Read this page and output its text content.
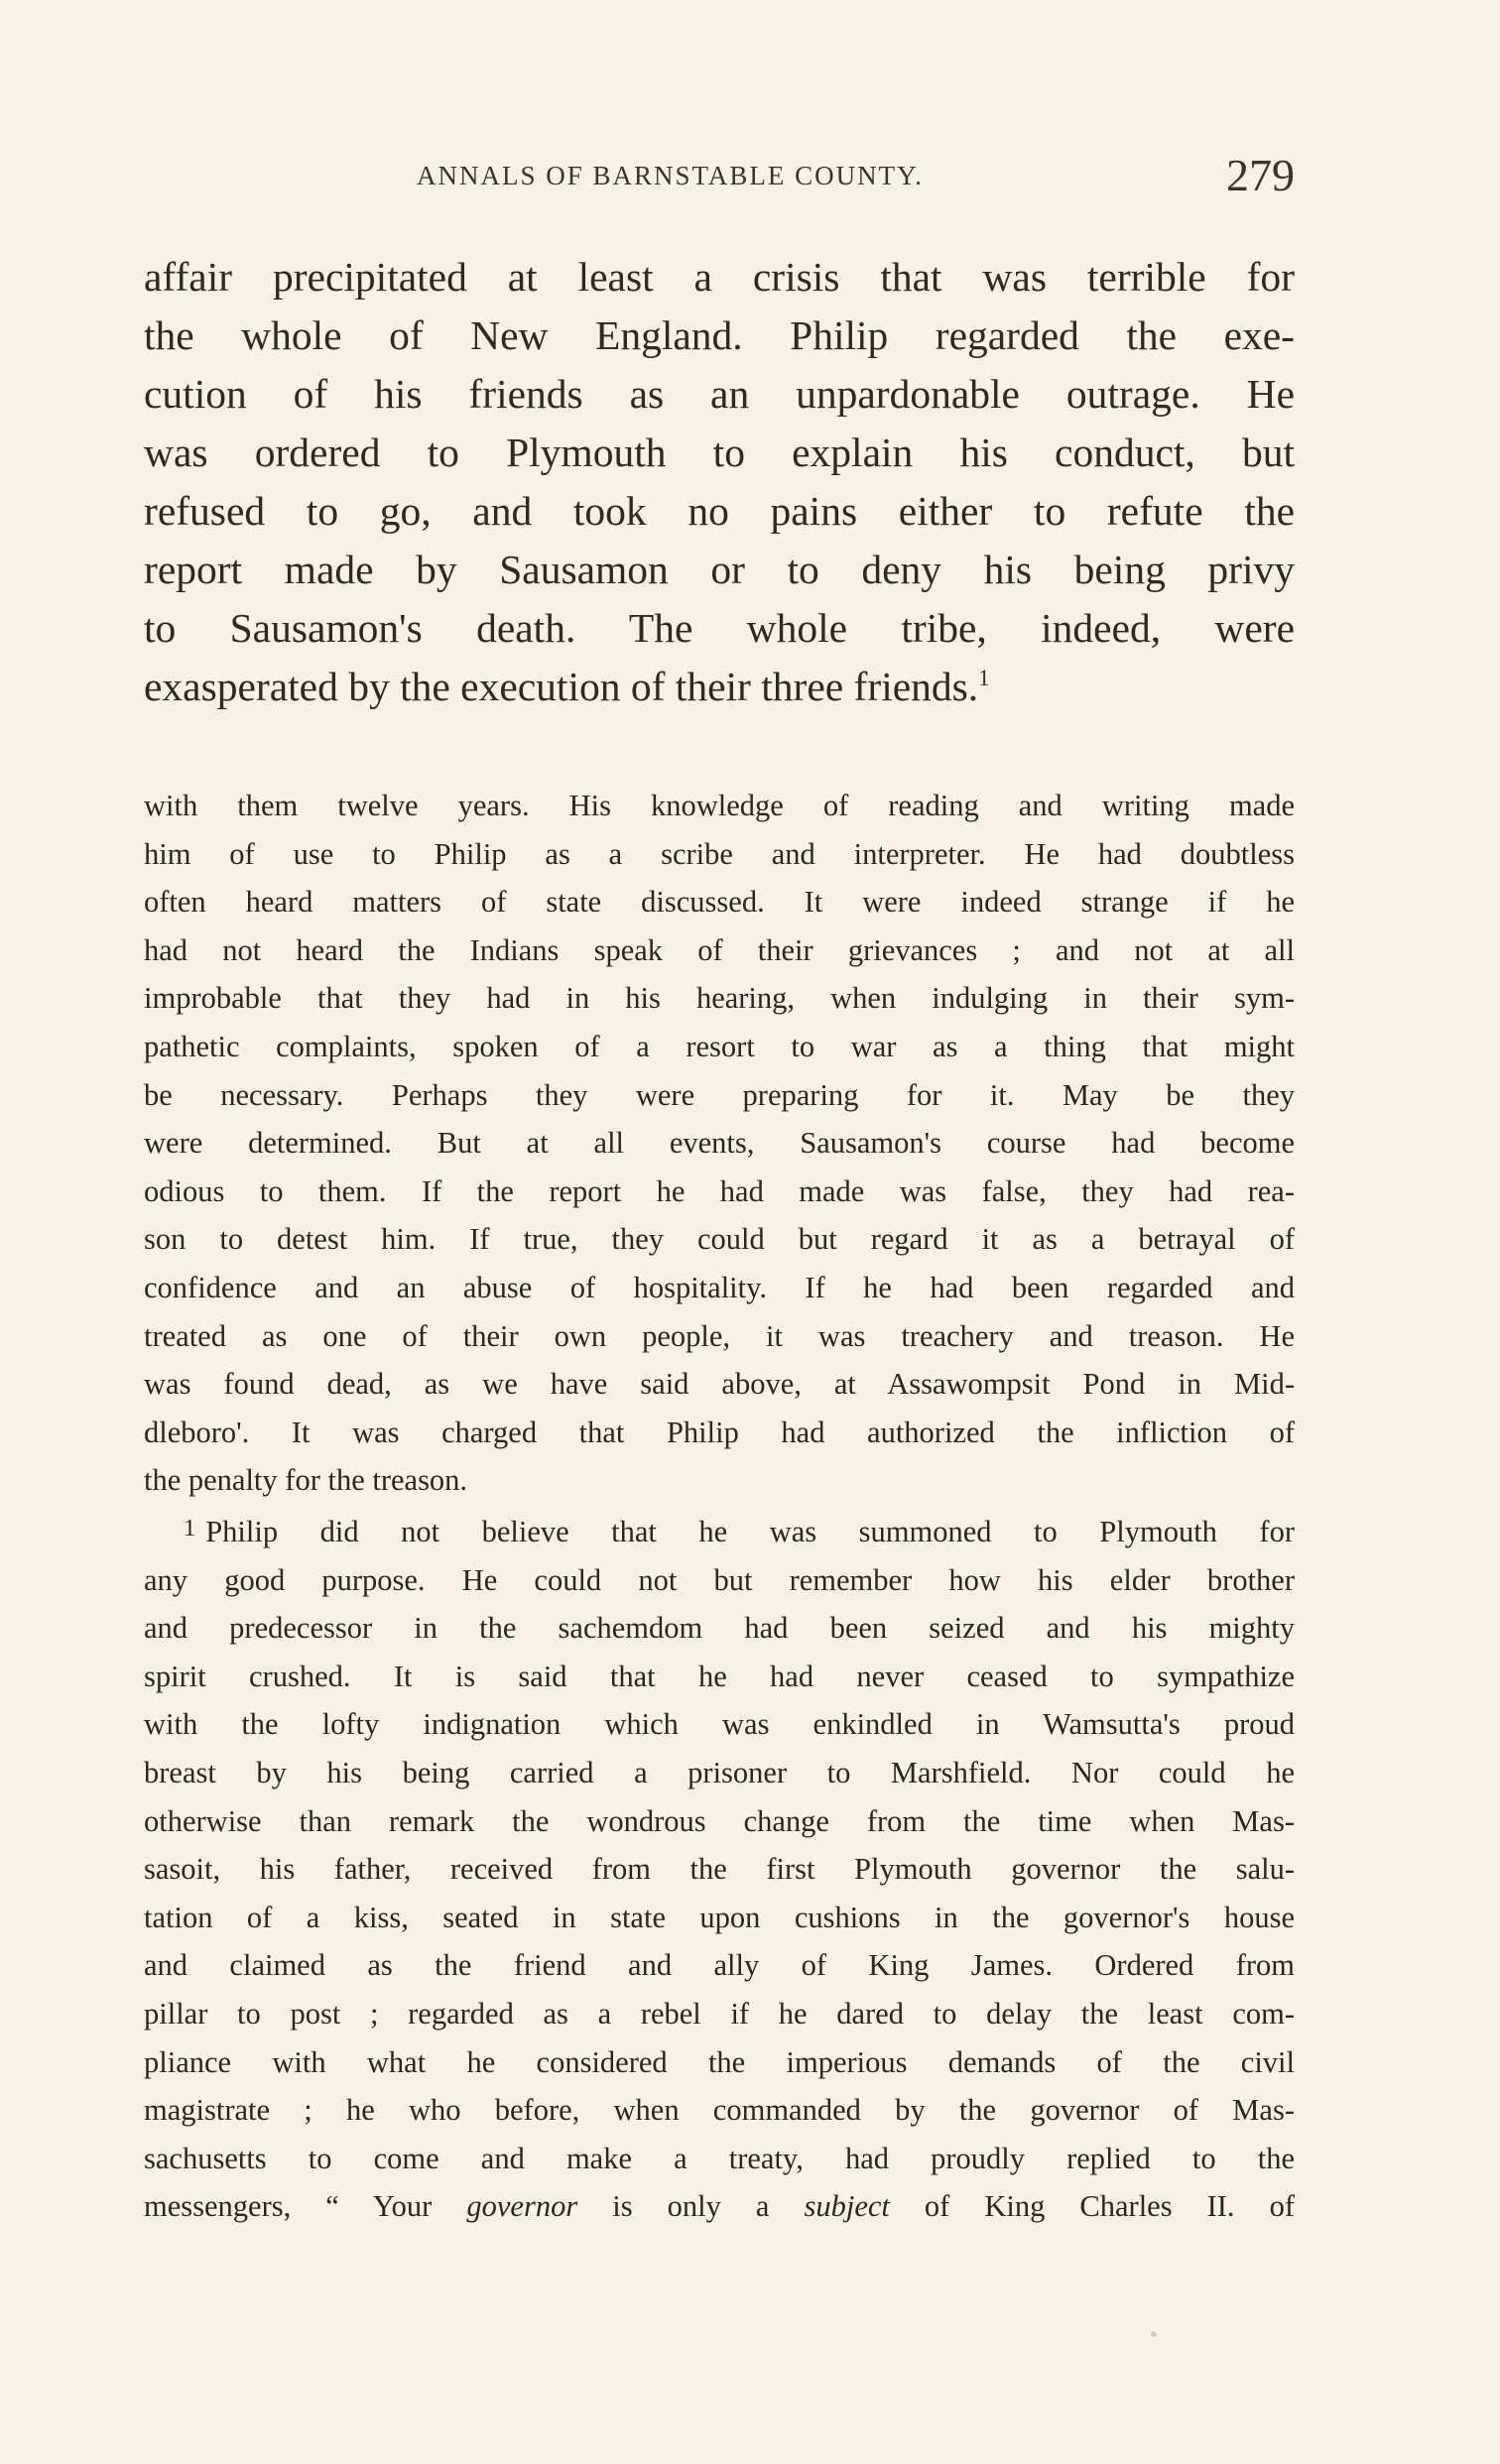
ANNALS OF BARNSTABLE COUNTY.	279
affair precipitated at least a crisis that was terrible for
the whole of New England. Philip regarded the exe-
cution of his friends as an unpardonable outrage. He
was ordered to Plymouth to explain his conduct, but
refused to go, and took no pains either to refute the
report made by Sausamon or to deny his being privy
to Sausamon's death. The whole tribe, indeed, were
exasperated by the execution of their three friends.$^1$
with them twelve years. His knowledge of reading and writing made
him of use to Philip as a scribe and interpreter. He had doubtless
often heard matters of state discussed. It were indeed strange if he
had not heard the Indians speak of their grievances ; and not at all
improbable that they had in his hearing, when indulging in their sym-
pathetic complaints, spoken of a resort to war as a thing that might
be necessary. Perhaps they were preparing for it. May be they
were determined. But at all events, Sausamon's course had become
odious to them. If the report he had made was false, they had rea-
son to detest him. If true, they could but regard it as a betrayal of
confidence and an abuse of hospitality. If he had been regarded and
treated as one of their own people, it was treachery and treason. He
was found dead, as we have said above, at Assawompsit Pond in Mid-
dleboro'. It was charged that Philip had authorized the infliction of
the penalty for the treason.
1 Philip did not believe that he was summoned to Plymouth for
any good purpose. He could not but remember how his elder brother
and predecessor in the sachemdom had been seized and his mighty
spirit crushed. It is said that he had never ceased to sympathize
with the lofty indignation which was enkindled in Wamsutta's proud
breast by his being carried a prisoner to Marshfield. Nor could he
otherwise than remark the wondrous change from the time when Mas-
sasoit, his father, received from the first Plymouth governor the salu-
tation of a kiss, seated in state upon cushions in the governor's house
and claimed as the friend and ally of King James. Ordered from
pillar to post ; regarded as a rebel if he dared to delay the least com-
pliance with what he considered the imperious demands of the civil
magistrate ; he who before, when commanded by the governor of Mas-
sachusetts to come and make a treaty, had proudly replied to the
messengers, “ Your governor is only a subject of King Charles II. of
